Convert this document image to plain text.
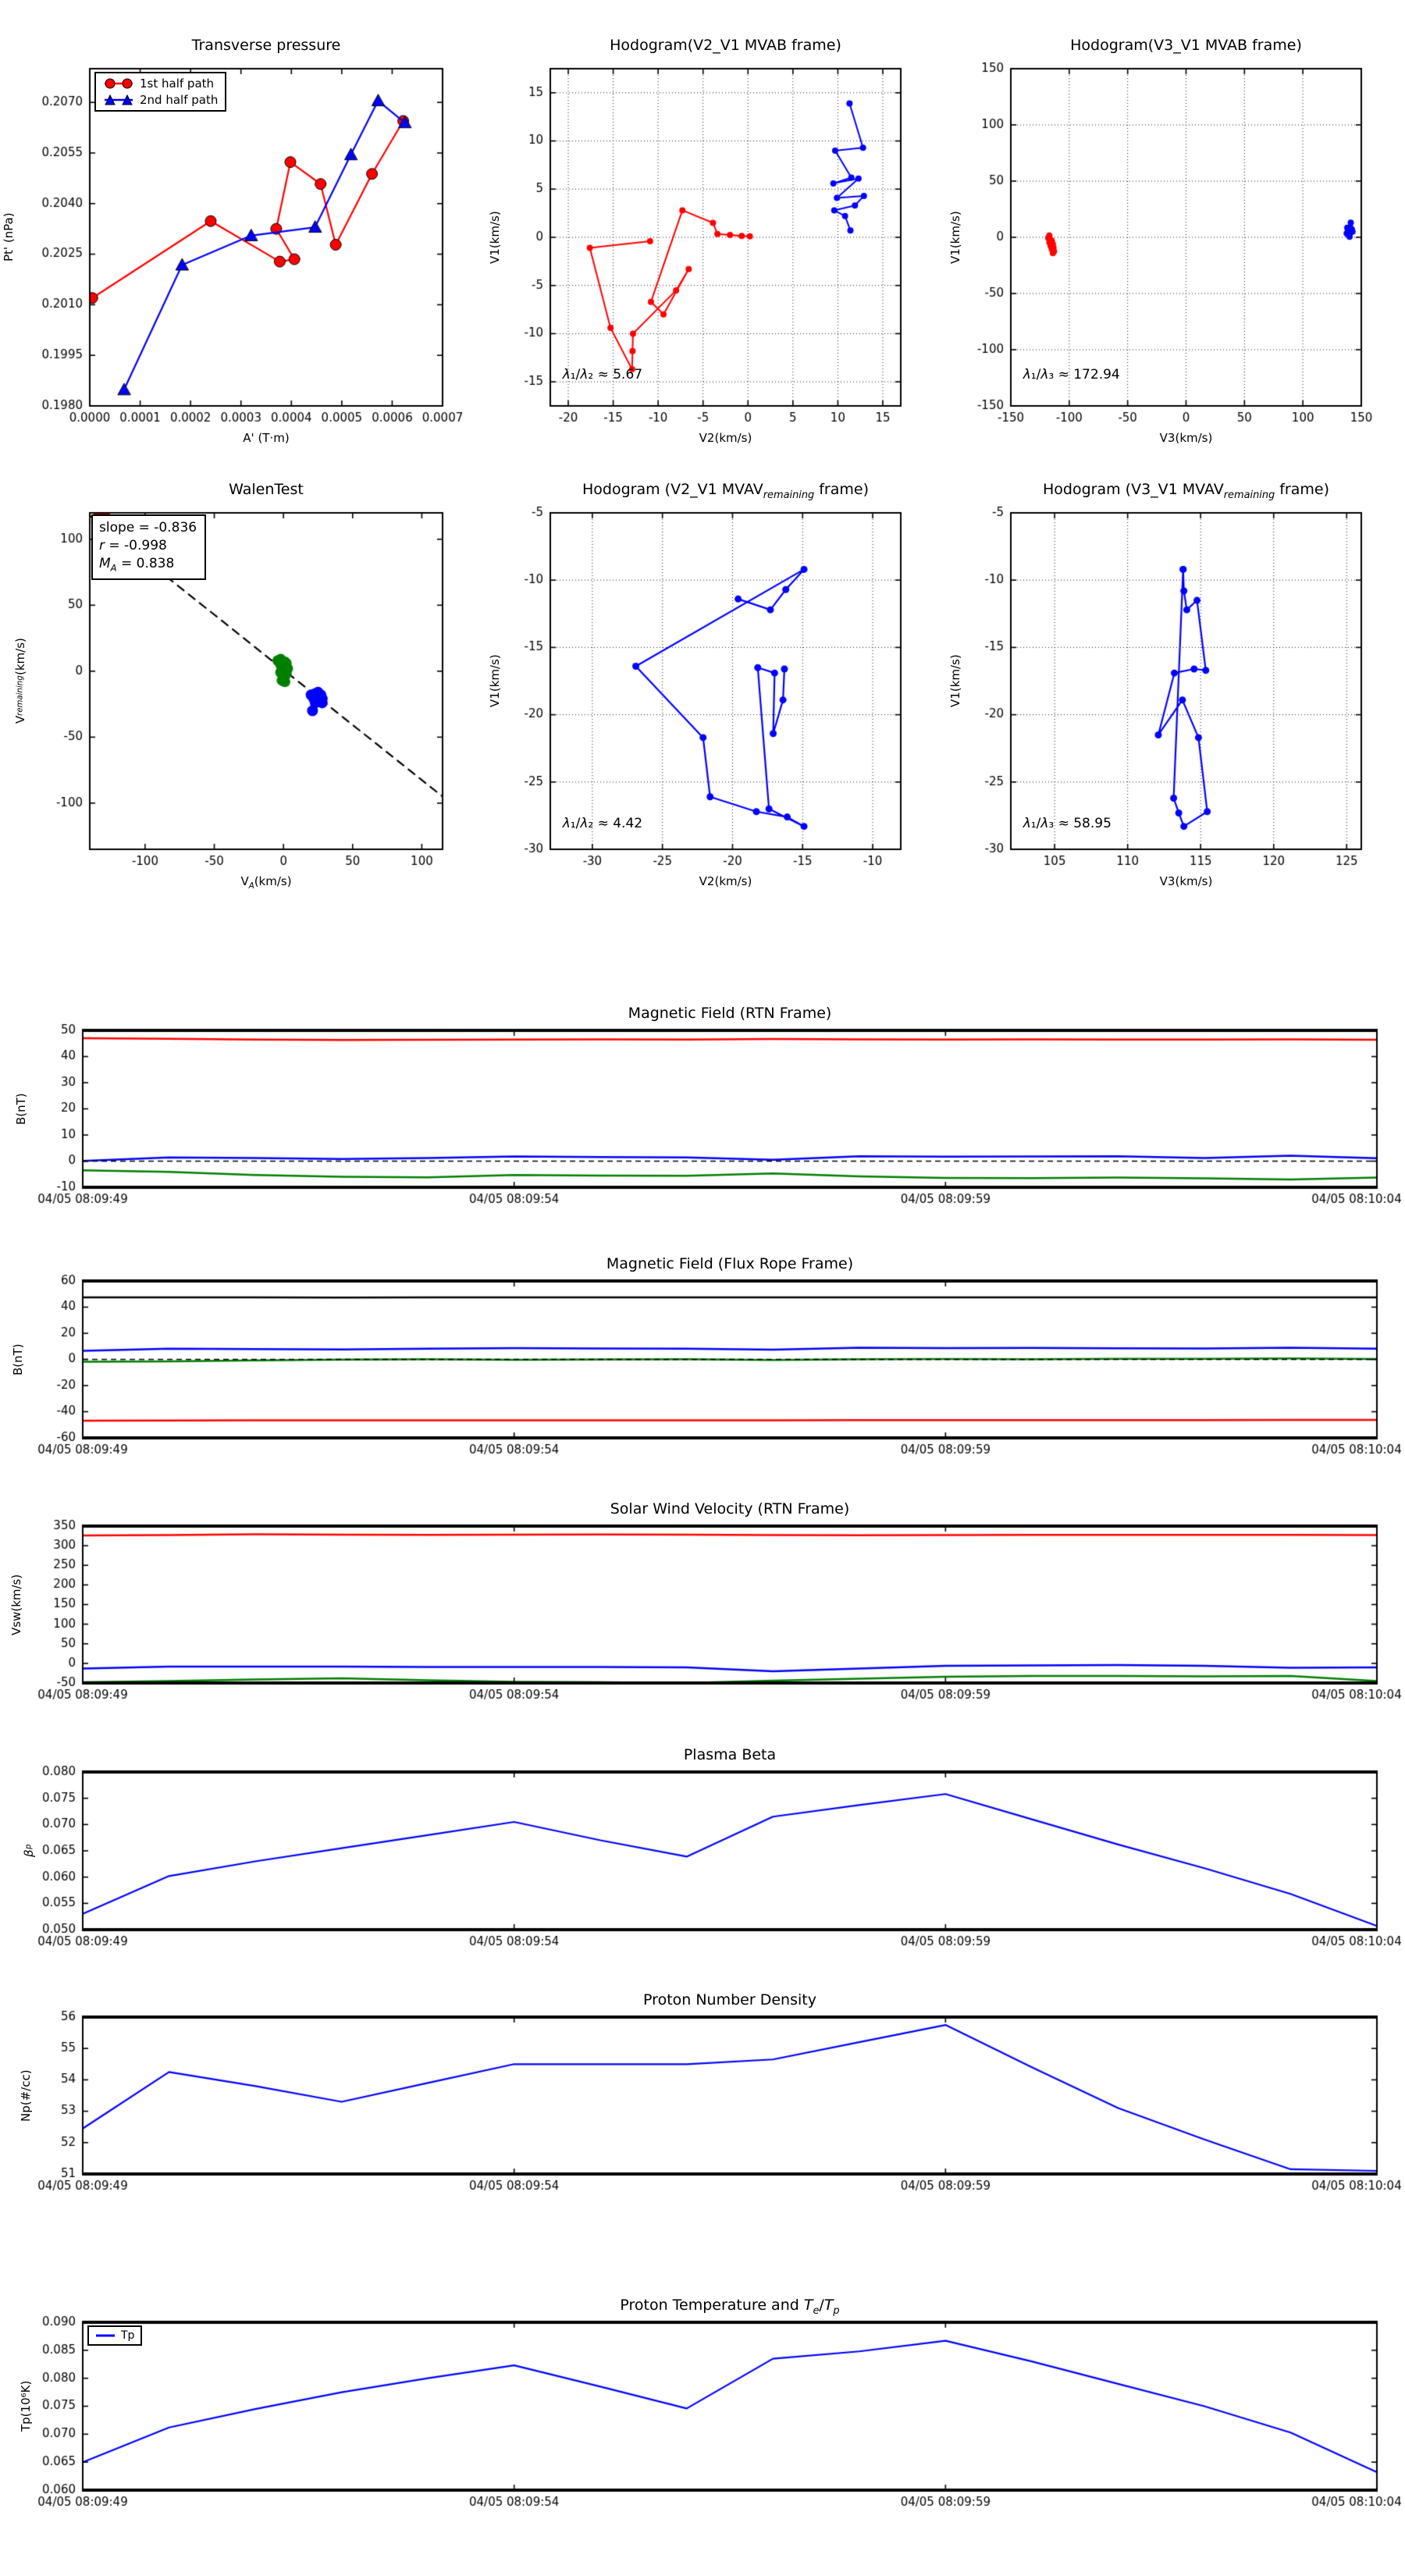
Transverse pressure
Pt' (nPa)
A' (T·m)
1st half path
2nd half path
Hodogram(V2_V1 MVAB frame)
V1(km/s)
V2(km/s)
λ₁/λ₂ ≈ 5.67
Hodogram(V3_V1 MVAB frame)
V1(km/s)
V3(km/s)
λ₁/λ₃ ≈ 172.94
WalenTest
V
remaining
(km/s)
$V_A(km/s)$
slope = -0.836
r = -0.998
$M_A = 0.838$
Hodogram (V2_V1 $MVAV_{remaining}$ frame)
V1(km/s)
V2(km/s)
λ₁/λ₂ ≈ 4.42
Hodogram (V3_V1 $MVAV_{remaining}$ frame)
V1(km/s)
V3(km/s)
λ₁/λ₃ ≈ 58.95
Magnetic Field (RTN Frame)
B(nT)
Magnetic Field (Flux Rope Frame)
B(nT)
Solar Wind Velocity (RTN Frame)
Vsw(km/s)
Plasma Beta
β
p
Proton Number Density
Np(#/cc)
Proton Temperature and $T_e/T_p$
Tp(10⁶K)
Tp
